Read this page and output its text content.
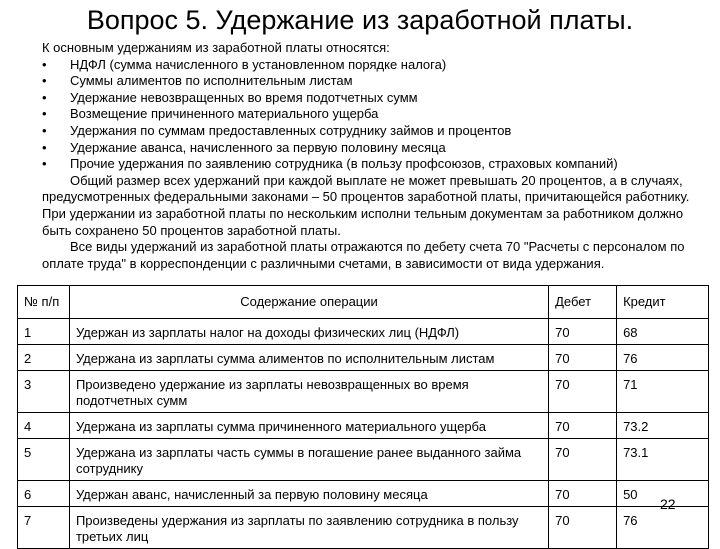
Вопрос 5. Удержание из заработной платы.

К основным удержаниям из заработной платы относятся:

•	НДФЛ (сумма начисленного в установленном порядке налога)
•	Суммы алиментов по исполнительным листам
•	Удержание невозвращенных во время подотчетных сумм
•	Возмещение причиненного материального ущерба
•	Удержания по суммам предоставленных сотруднику займов и процентов
•	Удержание аванса, начисленного за первую половину месяца
•	Прочие удержания по заявлению сотрудника (в пользу профсоюзов, страховых компаний)

Общий размер всех удержаний при каждой выплате не может превышать 20 процентов, а в случаях, предусмотренных федеральными законами – 50 процентов заработной платы, причитающейся работнику. При удержании из заработной платы по нескольким исполни тельным документам за работником должно быть сохранено 50 процентов заработной платы.

Все виды удержаний из заработной платы отражаются по дебету счета 70 "Расчеты с персоналом по оплате труда" в корреспонденции с различными счетами, в зависимости от вида удержания.

№ п/п	Содержание операции	Дебет	Кредит
1	Удержан из зарплаты налог на доходы физических лиц (НДФЛ)	70	68
2	Удержана из зарплаты сумма алиментов по исполнительным листам	70	76
3	Произведено удержание из зарплаты невозвращенных во время подотчетных сумм	70	71
4	Удержана из зарплаты сумма причиненного материального ущерба	70	73.2
5	Удержана из зарплаты часть суммы в погашение ранее выданного займа сотруднику	70	73.1
6	Удержан аванс, начисленный за первую половину месяца	70	50
7	Произведены удержания из зарплаты по заявлению сотрудника в пользу третьих лиц	70	76
22
